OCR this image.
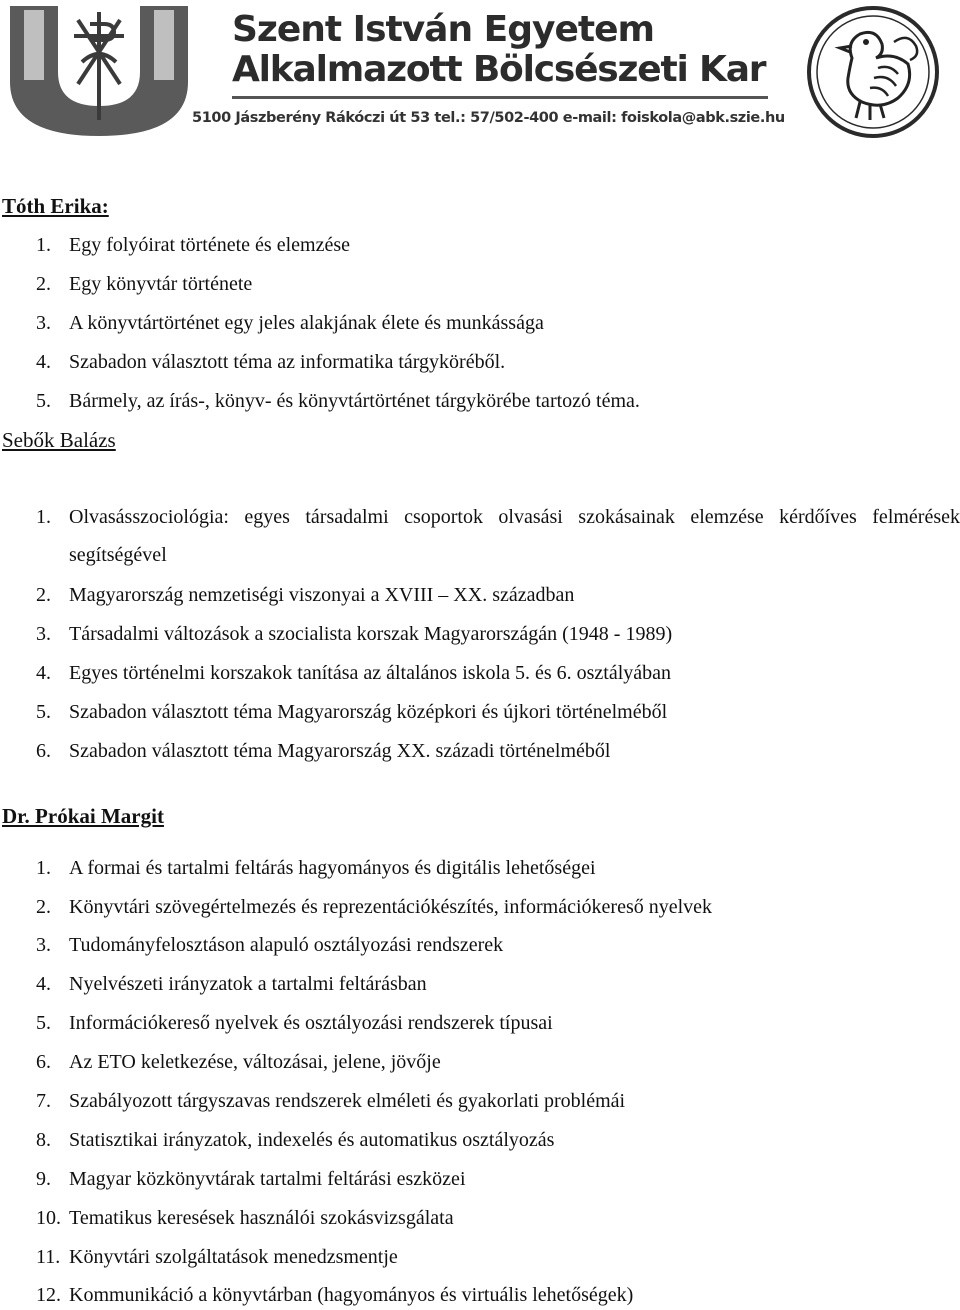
Szent István Egyetem
Alkalmazott Bölcsészeti Kar
5100 Jászberény Rákóczi út 53 tel.: 57/502-400 e-mail: foiskola@abk.szie.hu
Tóth Erika:
1. Egy folyóirat története és elemzése
2. Egy könyvtár története
3. A könyvtártörténet egy jeles alakjának élete és munkássága
4. Szabadon választott téma az informatika tárgyköréből.
5. Bármely, az írás-, könyv- és könyvtártörténet tárgykörébe tartozó téma.
Sebők Balázs
1. Olvasásszociológia: egyes társadalmi csoportok olvasási szokásainak elemzése kérdőíves felmérések segítségével
2. Magyarország nemzetiségi viszonyai a XVIII – XX. században
3. Társadalmi változások a szocialista korszak Magyarországán (1948 - 1989)
4. Egyes történelmi korszakok tanítása az általános iskola 5. és 6. osztályában
5. Szabadon választott téma Magyarország középkori és újkori történelméből
6. Szabadon választott téma Magyarország XX. századi történelméből
Dr. Prókai Margit
1. A formai és tartalmi feltárás hagyományos és digitális lehetőségei
2. Könyvtári szövegértelmezés és reprezentációkészítés, információkereső nyelvek
3. Tudományfelosztáson alapuló osztályozási rendszerek
4. Nyelvészeti irányzatok a tartalmi feltárásban
5. Információkereső nyelvek és osztályozási rendszerek típusai
6. Az ETO keletkezése, változásai, jelene, jövője
7. Szabályozott tárgyszavas rendszerek elméleti és gyakorlati problémái
8. Statisztikai irányzatok, indexelés és automatikus osztályozás
9. Magyar közkönyvtárak tartalmi feltárási eszközei
10. Tematikus keresések használói szokásvizsgálata
11. Könyvtári szolgáltatások menedzsmentje
12. Kommunikáció a könyvtárban (hagyományos és virtuális lehetőségek)
